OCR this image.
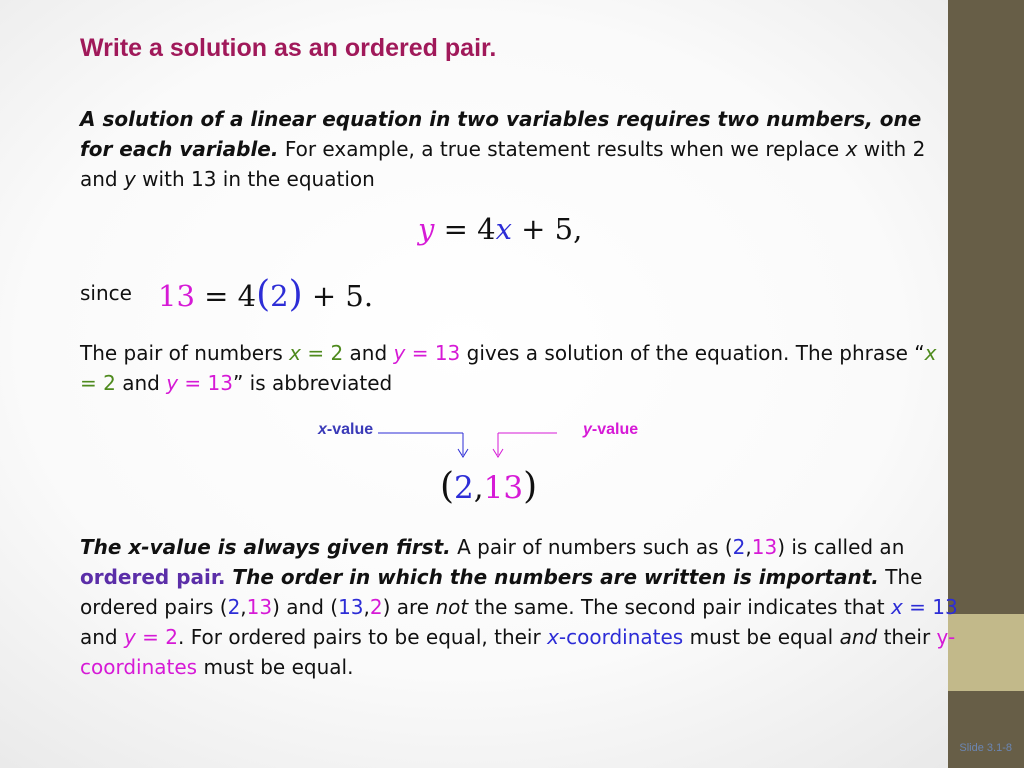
Write a solution as an ordered pair.

A solution of a linear equation in two variables requires two numbers, one for each variable. For example, a true statement results when we replace x with 2 and y with 13 in the equation

y = 4x + 5,
since 13 = 4(2) + 5.

The pair of numbers x = 2 and y = 13 gives a solution of the equation. The phrase “x = 2 and y = 13” is abbreviated

x-value	y-value
(2,13)

The x-value is always given first. A pair of numbers such as (2,13) is called an ordered pair. The order in which the numbers are written is important. The ordered pairs (2,13) and (13,2) are not the same. The second pair indicates that x = 13 and y = 2. For ordered pairs to be equal, their x-coordinates must be equal and their y-coordinates must be equal.

Slide 3.1-8
